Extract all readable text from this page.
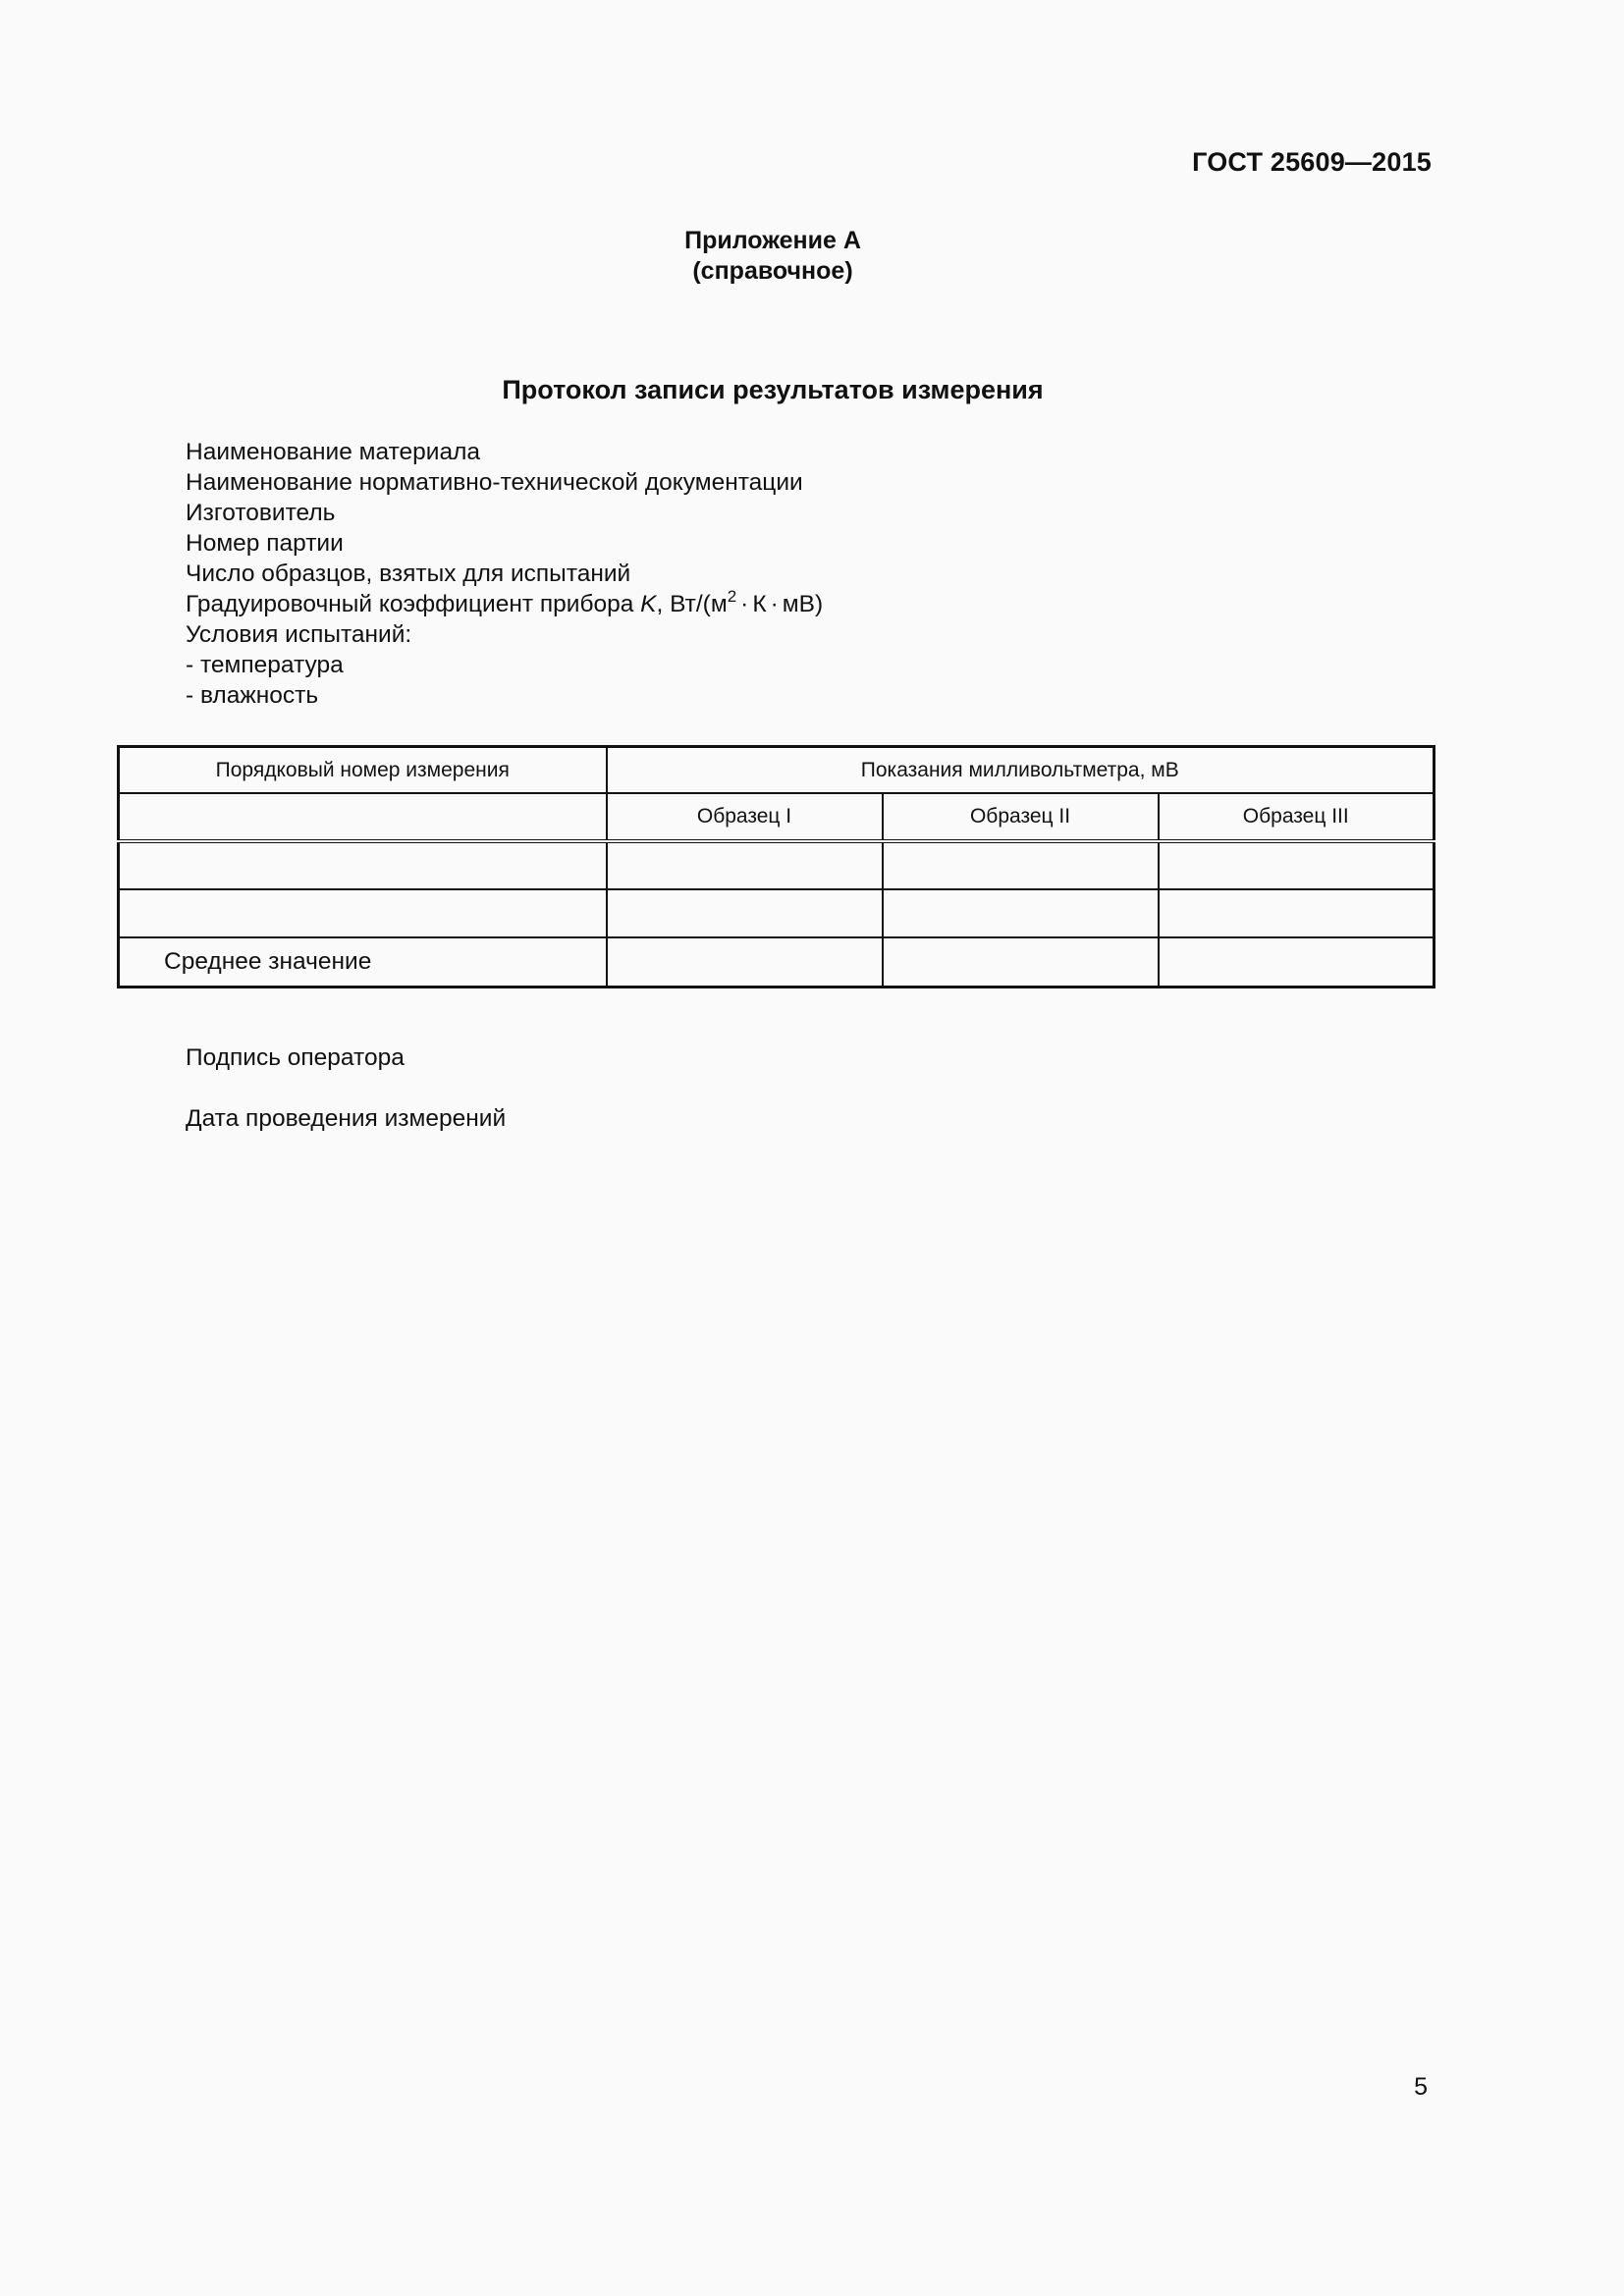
ГОСТ 25609—2015
Приложение А
(справочное)
Протокол записи результатов измерения
Наименование материала
Наименование нормативно-технической документации
Изготовитель
Номер партии
Число образцов, взятых для испытаний
Градуировочный коэффициент прибора K, $Вт/(м^2 \cdot К \cdot мВ)$
Условия испытаний:
- температура
- влажность
Порядковый номер измерения	Показания милливольтметра, мВ		
	Образец I	Образец II	Образец III

Среднее значение			
Подпись оператора
Дата проведения измерений
5
